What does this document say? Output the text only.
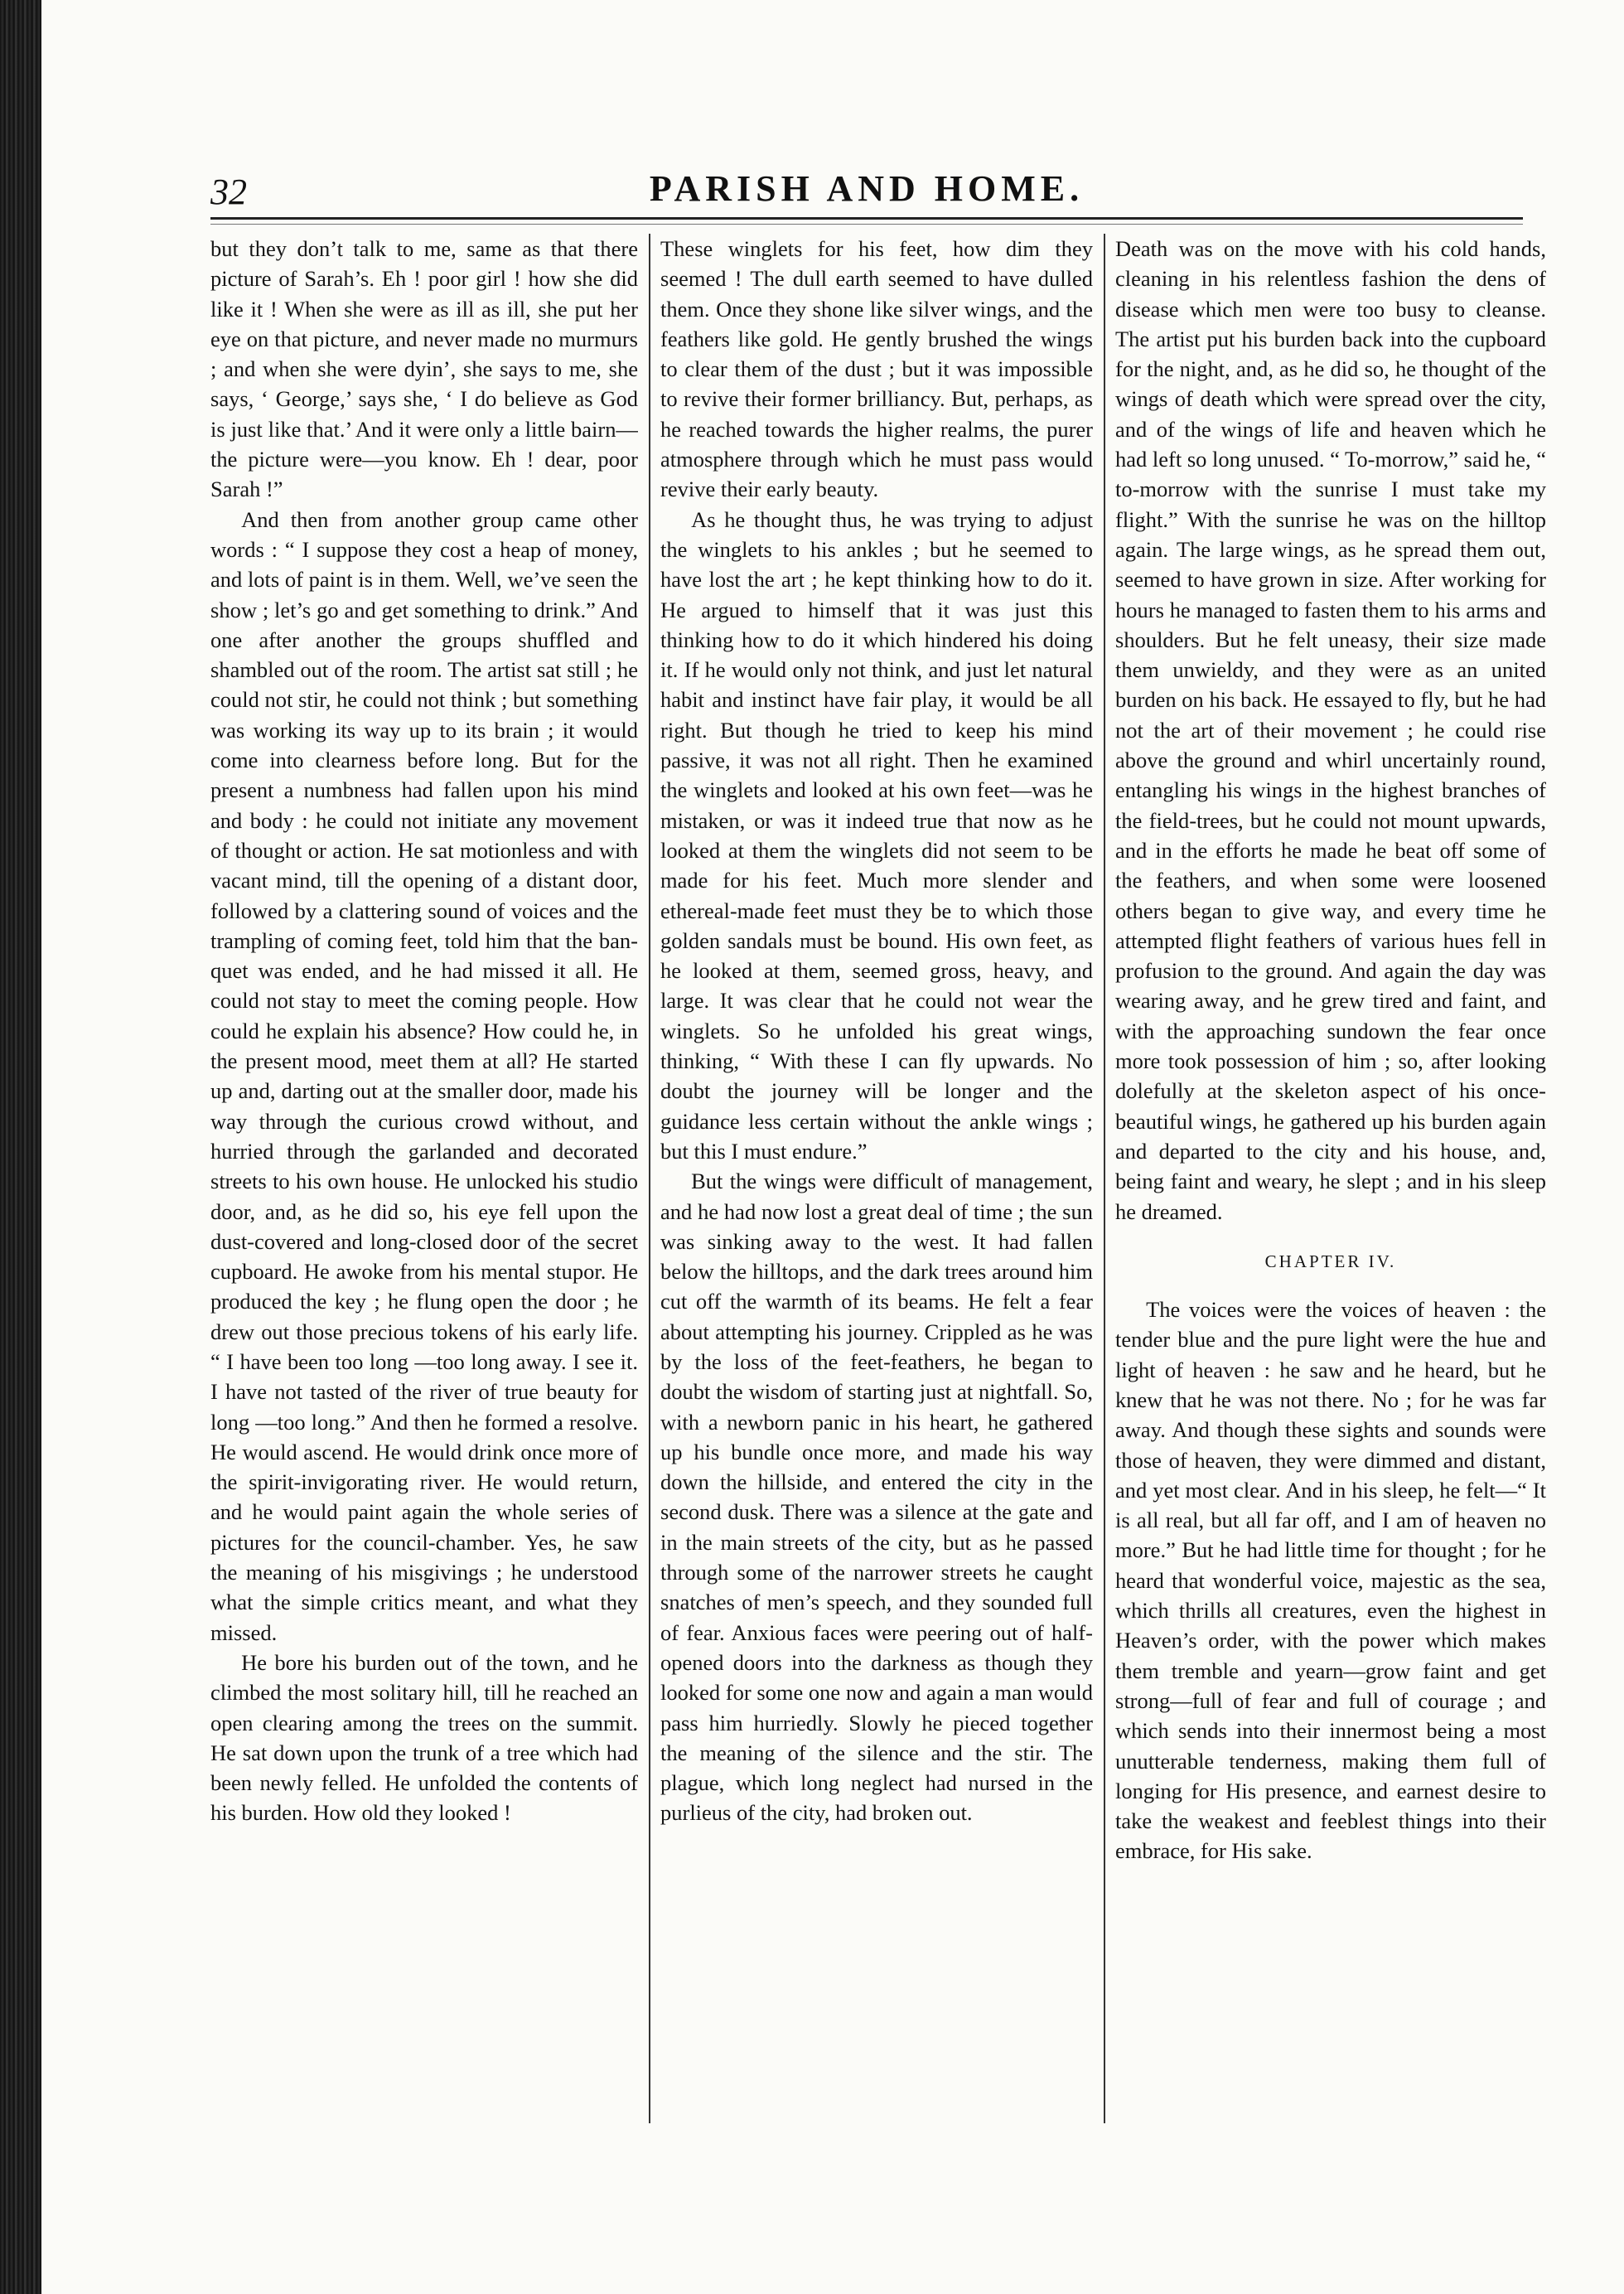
32	PARISH AND HOME.

but they don’t talk to me, same as that there picture of Sarah’s. Eh ! poor girl ! how she did like it ! When she were as ill as ill, she put her eye on that picture, and never made no murmurs ; and when she were dyin’, she says to me, she says, ‘ George,’ says she, ‘ I do believe as God is just like that.’ And it were only a little bairn—the picture were—you know. Eh ! dear, poor Sarah !”

And then from another group came other words : “ I suppose they cost a heap of money, and lots of paint is in them. Well, we’ve seen the show ; let’s go and get something to drink.” And one after another the groups shuffled and shambled out of the room. The artist sat still ; he could not stir, he could not think ; but something was working its way up to its brain ; it would come into clearness before long. But for the present a numbness had fallen upon his mind and body : he could not initiate any movement of thought or action. He sat motionless and with vacant mind, till the opening of a distant door, followed by a clattering sound of voices and the trampling of coming feet, told him that the banquet was ended, and he had missed it all. He could not stay to meet the coming people. How could he explain his absence? How could he, in the present mood, meet them at all? He started up and, darting out at the smaller door, made his way through the curious crowd without, and hurried through the garlanded and decorated streets to his own house. He unlocked his studio door, and, as he did so, his eye fell upon the dust-covered and long-closed door of the secret cupboard. He awoke from his mental stupor. He produced the key ; he flung open the door ; he drew out those precious tokens of his early life. “ I have been too long —too long away. I see it. I have not tasted of the river of true beauty for long —too long.” And then he formed a resolve. He would ascend. He would drink once more of the spirit-invigorating river. He would return, and he would paint again the whole series of pictures for the council-chamber. Yes, he saw the meaning of his misgivings ; he understood what the simple critics meant, and what they missed.

He bore his burden out of the town, and he climbed the most solitary hill, till he reached an open clearing among the trees on the summit. He sat down upon the trunk of a tree which had been newly felled. He unfolded the contents of his burden. How old they looked !

These winglets for his feet, how dim they seemed ! The dull earth seemed to have dulled them. Once they shone like silver wings, and the feathers like gold. He gently brushed the wings to clear them of the dust ; but it was impossible to revive their former brilliancy. But, perhaps, as he reached towards the higher realms, the purer atmosphere through which he must pass would revive their early beauty.

As he thought thus, he was trying to adjust the winglets to his ankles ; but he seemed to have lost the art ; he kept thinking how to do it. He argued to himself that it was just this thinking how to do it which hindered his doing it. If he would only not think, and just let natural habit and instinct have fair play, it would be all right. But though he tried to keep his mind passive, it was not all right. Then he examined the winglets and looked at his own feet—was he mistaken, or was it indeed true that now as he looked at them the winglets did not seem to be made for his feet. Much more slender and ethereal-made feet must they be to which those golden sandals must be bound. His own feet, as he looked at them, seemed gross, heavy, and large. It was clear that he could not wear the winglets. So he unfolded his great wings, thinking, “ With these I can fly upwards. No doubt the journey will be longer and the guidance less certain without the ankle wings ; but this I must endure.”

But the wings were difficult of management, and he had now lost a great deal of time ; the sun was sinking away to the west. It had fallen below the hilltops, and the dark trees around him cut off the warmth of its beams. He felt a fear about attempting his journey. Crippled as he was by the loss of the feet-feathers, he began to doubt the wisdom of starting just at nightfall. So, with a newborn panic in his heart, he gathered up his bundle once more, and made his way down the hillside, and entered the city in the second dusk. There was a silence at the gate and in the main streets of the city, but as he passed through some of the narrower streets he caught snatches of men’s speech, and they sounded full of fear. Anxious faces were peering out of half-opened doors into the darkness as though they looked for some one now and again a man would pass him hurriedly. Slowly he pieced together the meaning of the silence and the stir. The plague, which long neglect had nursed in the purlieus of the city, had broken out.

Death was on the move with his cold hands, cleaning in his relentless fashion the dens of disease which men were too busy to cleanse. The artist put his burden back into the cupboard for the night, and, as he did so, he thought of the wings of death which were spread over the city, and of the wings of life and heaven which he had left so long unused. “ To-morrow,” said he, “ to-morrow with the sunrise I must take my flight.” With the sunrise he was on the hilltop again. The large wings, as he spread them out, seemed to have grown in size. After working for hours he managed to fasten them to his arms and shoulders. But he felt uneasy, their size made them unwieldy, and they were as an united burden on his back. He essayed to fly, but he had not the art of their movement ; he could rise above the ground and whirl uncertainly round, entangling his wings in the highest branches of the field-trees, but he could not mount upwards, and in the efforts he made he beat off some of the feathers, and when some were loosened others began to give way, and every time he attempted flight feathers of various hues fell in profusion to the ground. And again the day was wearing away, and he grew tired and faint, and with the approaching sundown the fear once more took possession of him ; so, after looking dolefully at the skeleton aspect of his once-beautiful wings, he gathered up his burden again and departed to the city and his house, and, being faint and weary, he slept ; and in his sleep he dreamed.

CHAPTER IV.

The voices were the voices of heaven : the tender blue and the pure light were the hue and light of heaven : he saw and he heard, but he knew that he was not there. No ; for he was far away. And though these sights and sounds were those of heaven, they were dimmed and distant, and yet most clear. And in his sleep, he felt—“ It is all real, but all far off, and I am of heaven no more.” But he had little time for thought ; for he heard that wonderful voice, majestic as the sea, which thrills all creatures, even the highest in Heaven’s order, with the power which makes them tremble and yearn—grow faint and get strong—full of fear and full of courage ; and which sends into their innermost being a most unutterable tenderness, making them full of longing for His presence, and earnest desire to take the weakest and feeblest things into their embrace, for His sake.
